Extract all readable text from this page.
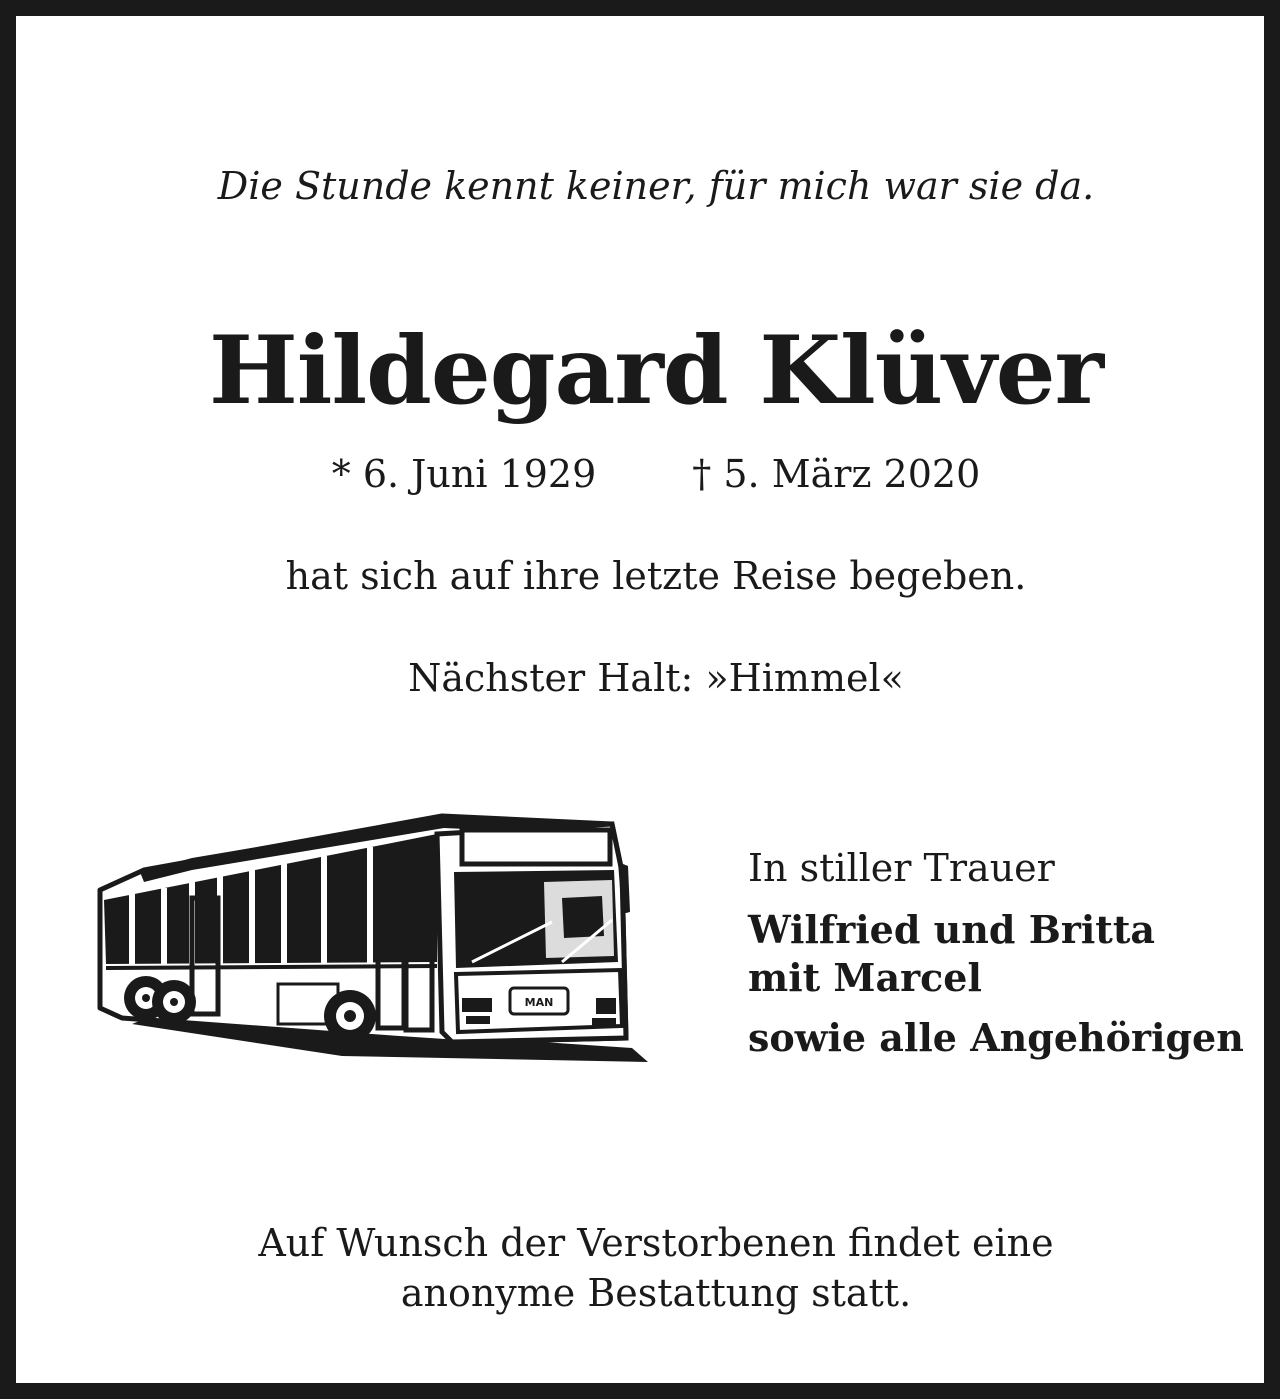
Die Stunde kennt keiner, für mich war sie da.
Hildegard Klüver
* 6. Juni 1929	† 5. März 2020
hat sich auf ihre letzte Reise begeben.
Nächster Halt: »Himmel«
MAN
In stiller Trauer
Wilfried und Britta
mit Marcel
sowie alle Angehörigen
Auf Wunsch der Verstorbenen findet eine
anonyme Bestattung statt.
